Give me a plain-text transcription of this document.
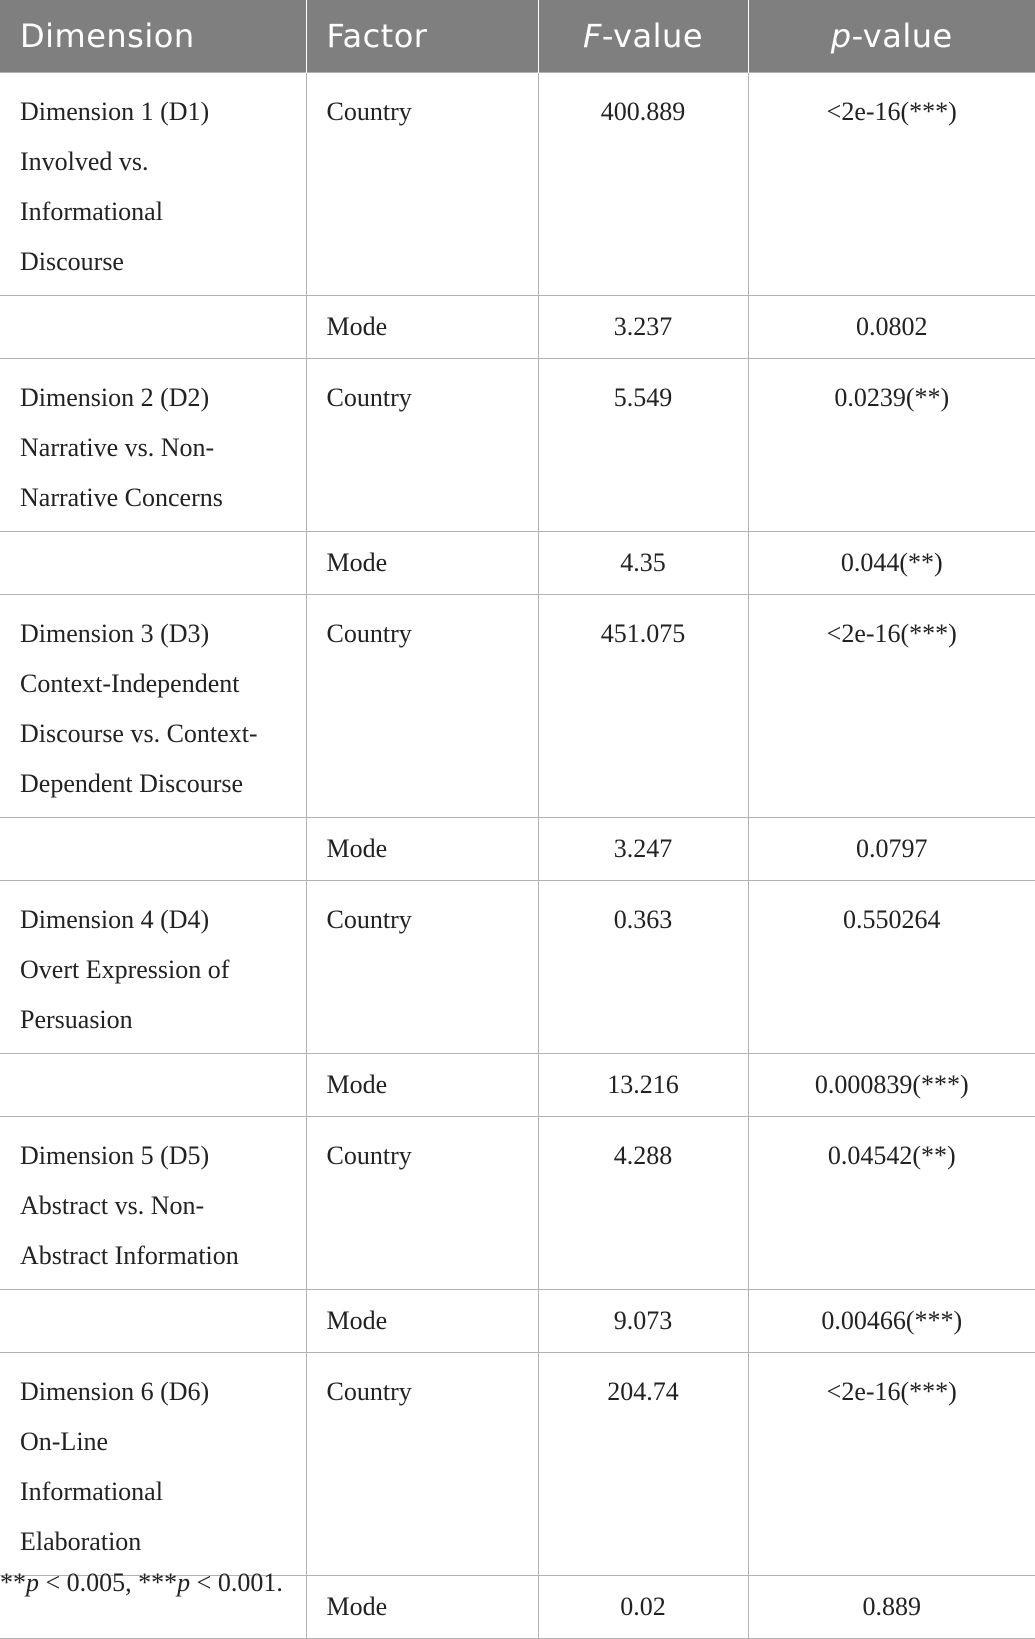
Dimension	Factor	F-value	p-value

Dimension 1 (D1)
Involved vs.
Informational
Discourse	Country	400.889	<2e-16(***)
	Mode	3.237	0.0802

Dimension 2 (D2)
Narrative vs. Non-
Narrative Concerns	Country	5.549	0.0239(**)
	Mode	4.35	0.044(**)

Dimension 3 (D3)
Context-Independent
Discourse vs. Context-
Dependent Discourse	Country	451.075	<2e-16(***)
	Mode	3.247	0.0797

Dimension 4 (D4)
Overt Expression of
Persuasion	Country	0.363	0.550264
	Mode	13.216	0.000839(***)

Dimension 5 (D5)
Abstract vs. Non-
Abstract Information	Country	4.288	0.04542(**)
	Mode	9.073	0.00466(***)

Dimension 6 (D6)
On-Line
Informational
Elaboration	Country	204.74	<2e-16(***)
	Mode	0.02	0.889
**p < 0.005, ***p < 0.001.
